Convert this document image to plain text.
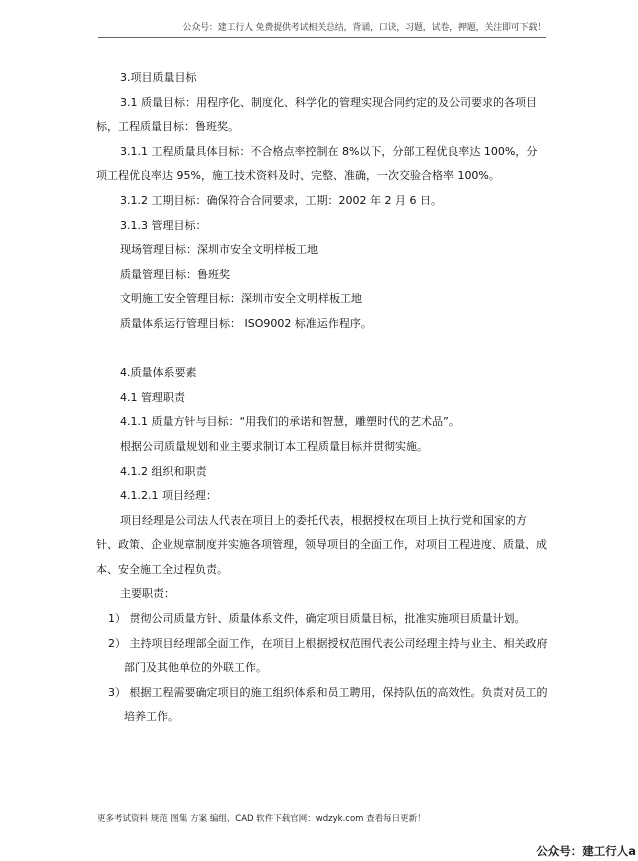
公众号：建工行人 免费提供考试相关总结，背诵，口诀，习题，试卷，押题，关注即可下载！

3.项目质量目标

3.1 质量目标：用程序化、制度化、科学化的管理实现合同约定的及公司要求的各项目标，工程质量目标：鲁班奖。

3.1.1 工程质量具体目标：不合格点率控制在 8%以下，分部工程优良率达 100%，分项工程优良率达 95%，施工技术资料及时、完整、准确，一次交验合格率 100%。

3.1.2 工期目标：确保符合合同要求，工期：2002 年 2 月 6 日。

3.1.3 管理目标：

现场管理目标：深圳市安全文明样板工地

质量管理目标：鲁班奖

文明施工安全管理目标：深圳市安全文明样板工地

质量体系运行管理目标： ISO9002 标准运作程序。

4.质量体系要素

4.1 管理职责

4.1.1 质量方针与目标：“用我们的承诺和智慧，雕塑时代的艺术品”。

根据公司质量规划和业主要求制订本工程质量目标并贯彻实施。

4.1.2 组织和职责

4.1.2.1 项目经理：

项目经理是公司法人代表在项目上的委托代表，根据授权在项目上执行党和国家的方针、政策、企业规章制度并实施各项管理，领导项目的全面工作，对项目工程进度、质量、成本、安全施工全过程负责。

主要职责：

1） 贯彻公司质量方针、质量体系文件，确定项目质量目标，批准实施项目质量计划。

2） 主持项目经理部全面工作，在项目上根据授权范围代表公司经理主持与业主、相关政府部门及其他单位的外联工作。

3） 根据工程需要确定项目的施工组织体系和员工聘用，保持队伍的高效性。负责对员工的培养工作。

更多考试资料 规范 图集 方案 编组、CAD 软件下载官网：wdzyk.com 查看每日更新！
公众号：建工行人a
